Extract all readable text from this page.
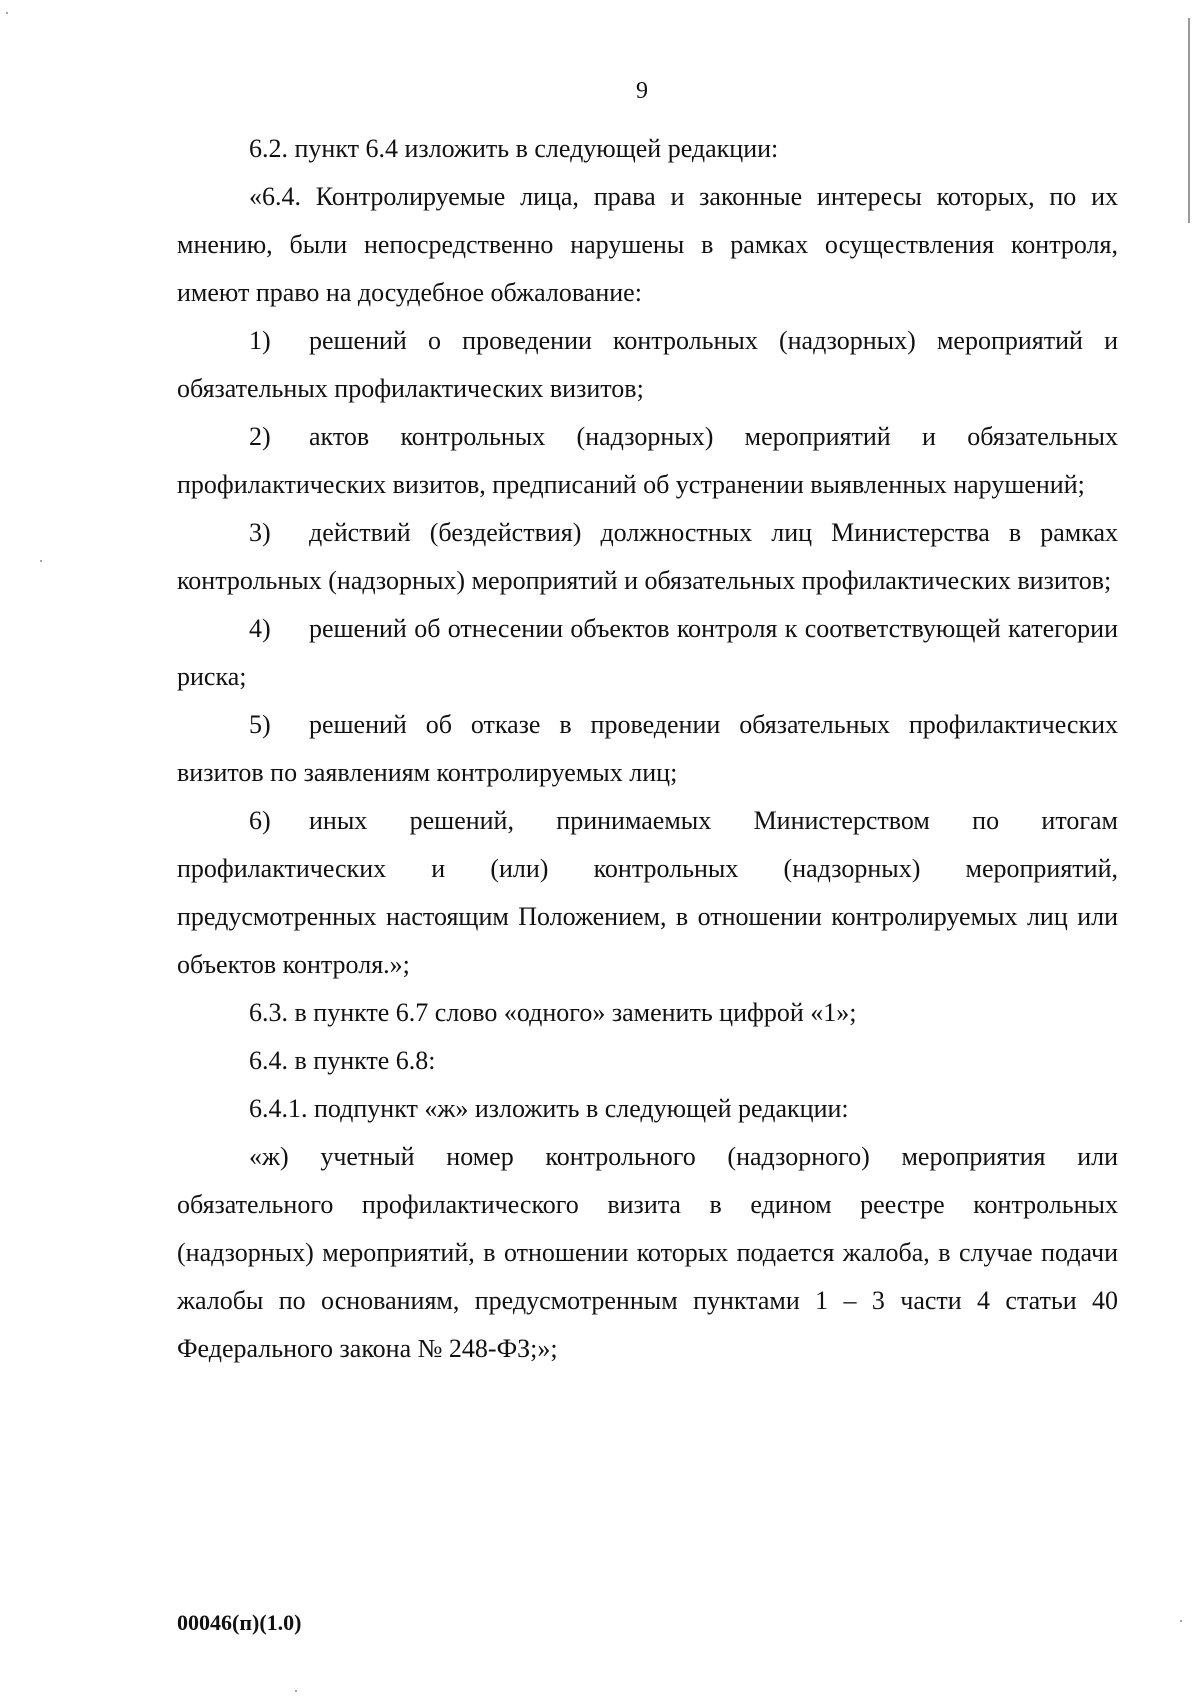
9

6.2. пункт 6.4 изложить в следующей редакции:

«6.4. Контролируемые лица, права и законные интересы которых, по их мнению, были непосредственно нарушены в рамках осуществления контроля, имеют право на досудебное обжалование:

1) решений о проведении контрольных (надзорных) мероприятий и обязательных профилактических визитов;

2) актов контрольных (надзорных) мероприятий и обязательных профилактических визитов, предписаний об устранении выявленных нарушений;

3) действий (бездействия) должностных лиц Министерства в рамках контрольных (надзорных) мероприятий и обязательных профилактических визитов;

4) решений об отнесении объектов контроля к соответствующей категории риска;

5) решений об отказе в проведении обязательных профилактических визитов по заявлениям контролируемых лиц;

6) иных решений, принимаемых Министерством по итогам профилактических и (или) контрольных (надзорных) мероприятий, предусмотренных настоящим Положением, в отношении контролируемых лиц или объектов контроля.»;

6.3. в пункте 6.7 слово «одного» заменить цифрой «1»;

6.4. в пункте 6.8:

6.4.1. подпункт «ж» изложить в следующей редакции:

«ж) учетный номер контрольного (надзорного) мероприятия или обязательного профилактического визита в едином реестре контрольных (надзорных) мероприятий, в отношении которых подается жалоба, в случае подачи жалобы по основаниям, предусмотренным пунктами 1 – 3 части 4 статьи 40 Федерального закона № 248-ФЗ;»;

00046(п)(1.0)
